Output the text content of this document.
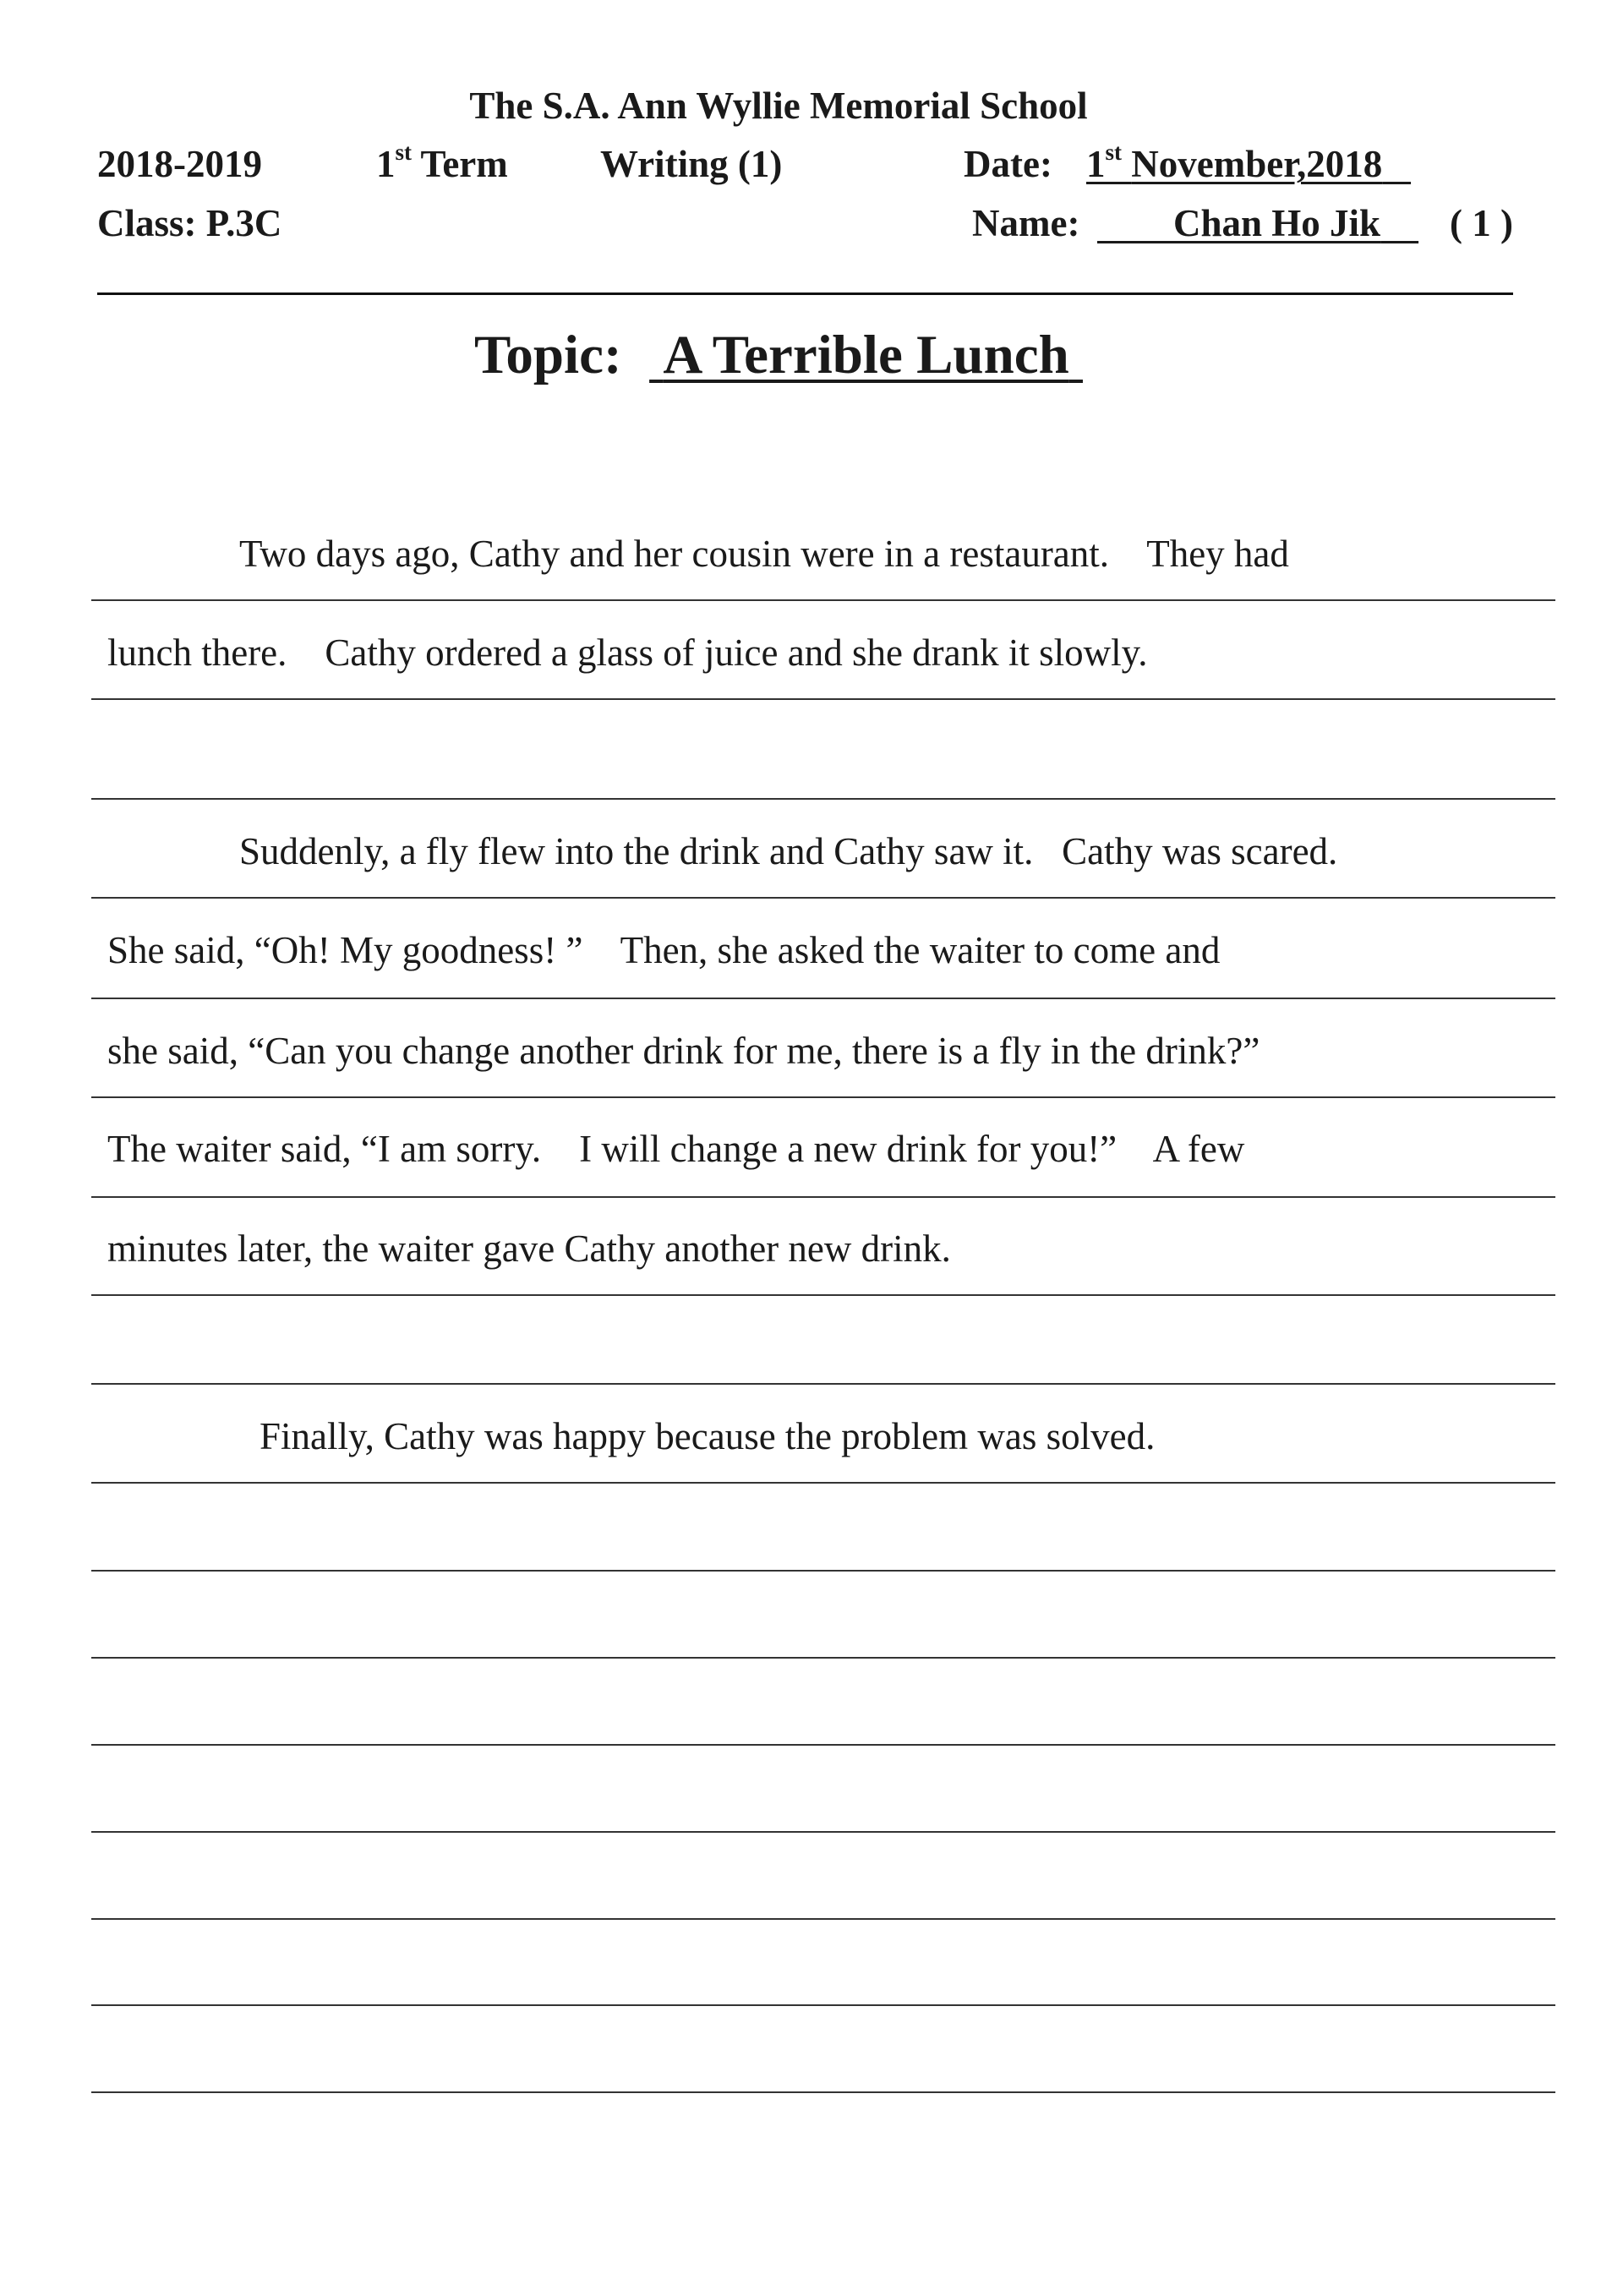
The S.A. Ann Wyllie Memorial School
2018-2019	1st Term Writing (1)	Date: 1st November,2018
Class: P.3C	Name:	Chan Ho Jik	( 1 )
Topic: A Terrible Lunch
Two days ago, Cathy and her cousin were in a restaurant.    They had
lunch there.    Cathy ordered a glass of juice and she drank it slowly.
Suddenly, a fly flew into the drink and Cathy saw it.   Cathy was scared.
She said, “Oh! My goodness! ”    Then, she asked the waiter to come and
she said, “Can you change another drink for me, there is a fly in the drink?”
The waiter said, “I am sorry.    I will change a new drink for you!”    A few
minutes later, the waiter gave Cathy another new drink.
Finally, Cathy was happy because the problem was solved.
